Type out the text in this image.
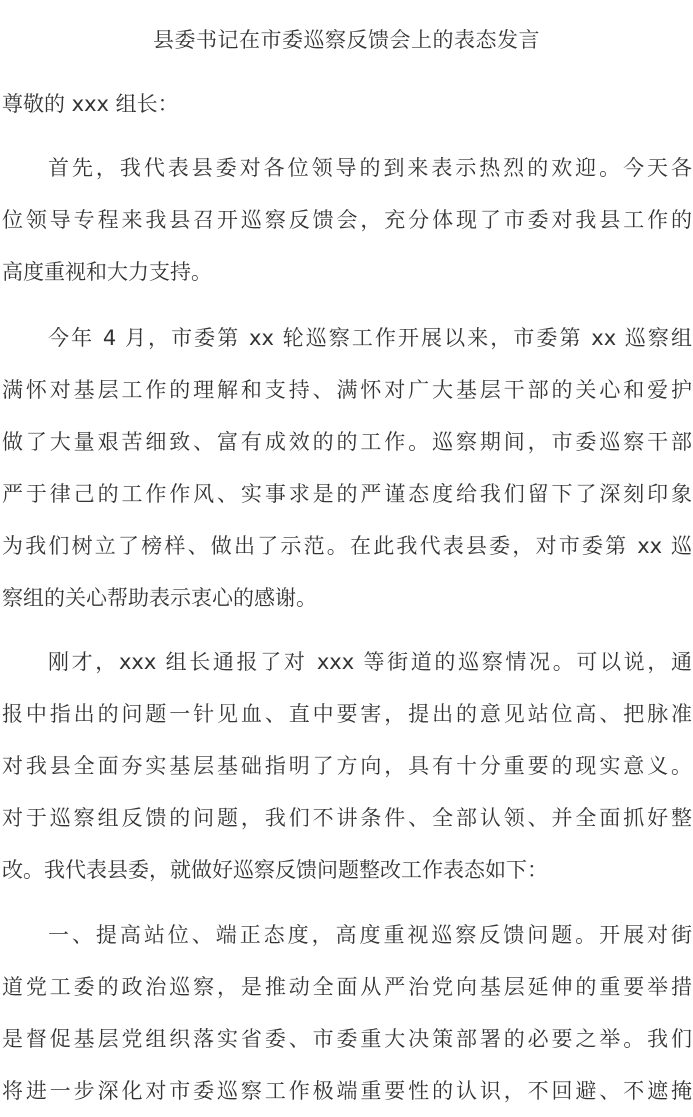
县委书记在市委巡察反馈会上的表态发言
尊敬的 xxx 组长：
首先，我代表县委对各位领导的到来表示热烈的欢迎。今天各
位领导专程来我县召开巡察反馈会，充分体现了市委对我县工作的
高度重视和大力支持。
今年 4 月，市委第 xx 轮巡察工作开展以来，市委第 xx 巡察组
满怀对基层工作的理解和支持、满怀对广大基层干部的关心和爱护
做了大量艰苦细致、富有成效的的工作。巡察期间，市委巡察干部
严于律己的工作作风、实事求是的严谨态度给我们留下了深刻印象
为我们树立了榜样、做出了示范。在此我代表县委，对市委第 xx 巡
察组的关心帮助表示衷心的感谢。
刚才，xxx 组长通报了对 xxx 等街道的巡察情况。可以说，通
报中指出的问题一针见血、直中要害，提出的意见站位高、把脉准
对我县全面夯实基层基础指明了方向，具有十分重要的现实意义。
对于巡察组反馈的问题，我们不讲条件、全部认领、并全面抓好整
改。我代表县委，就做好巡察反馈问题整改工作表态如下：
一、提高站位、端正态度，高度重视巡察反馈问题。开展对街
道党工委的政治巡察，是推动全面从严治党向基层延伸的重要举措
是督促基层党组织落实省委、市委重大决策部署的必要之举。我们
将进一步深化对市委巡察工作极端重要性的认识，不回避、不遮掩
